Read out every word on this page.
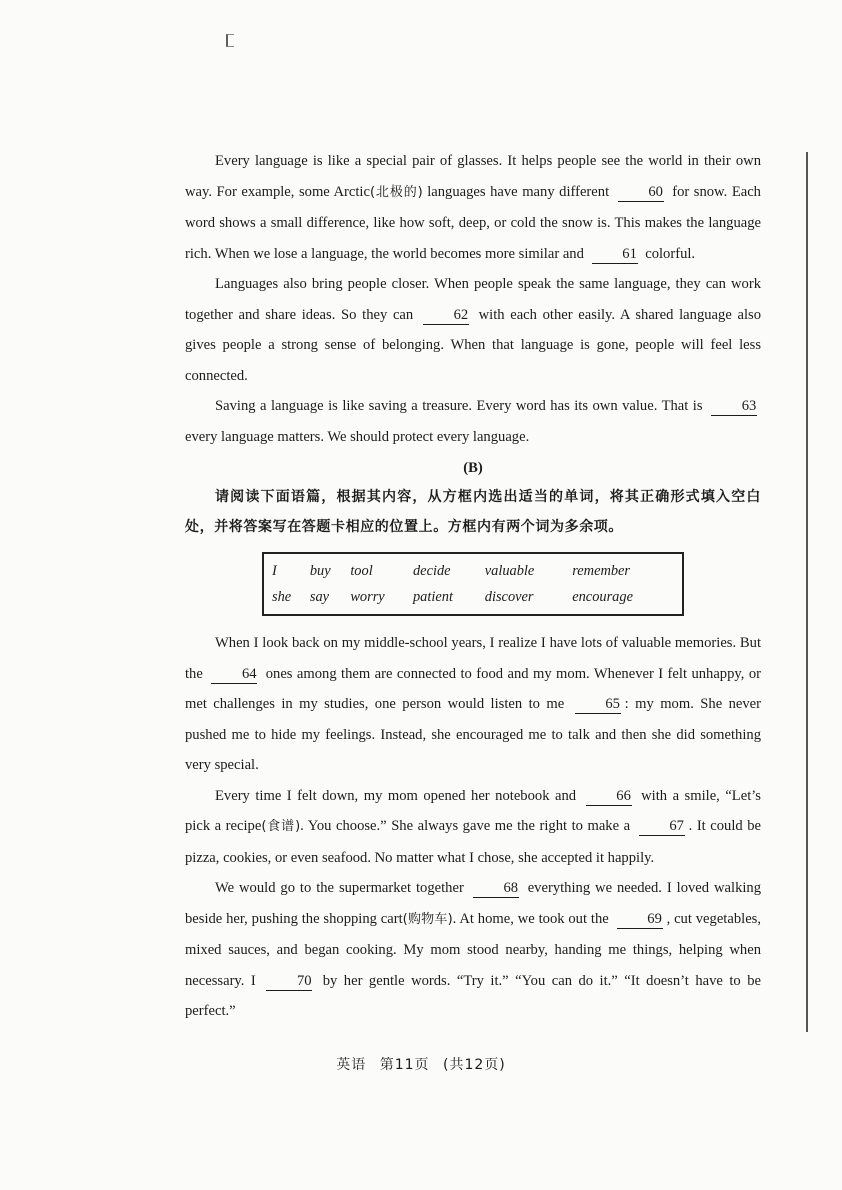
Every language is like a special pair of glasses. It helps people see the world in their own way. For example, some Arctic(北极的) languages have many different	60 for snow. Each word shows a small difference, like how soft, deep, or cold the snow is. This makes the language rich. When we lose a language, the world becomes more similar and	61 colorful.

Languages also bring people closer. When people speak the same language, they can work together and share ideas. So they can	62 with each other easily. A shared language also gives people a strong sense of belonging. When that language is gone, people will feel less connected.

Saving a language is like saving a treasure. Every word has its own value. That is	63 every language matters. We should protect every language.

(B)
请阅读下面语篇，根据其内容，从方框内选出适当的单词，将其正确形式填入空白处，并将答案写在答题卡相应的位置上。方框内有两个词为多余项。
I	buy	tool	decide	valuable	remember
she	say	worry	patient	discover	encourage

When I look back on my middle-school years, I realize I have lots of valuable memories. But the	64 ones among them are connected to food and my mom. Whenever I felt unhappy, or met challenges in my studies, one person would listen to me	65 : my mom. She never pushed me to hide my feelings. Instead, she encouraged me to talk and then she did something very special.

Every time I felt down, my mom opened her notebook and	66 with a smile, “Let’s pick a recipe(食谱). You choose.” She always gave me the right to make a	67 . It could be pizza, cookies, or even seafood. No matter what I chose, she accepted it happily.

We would go to the supermarket together	68 everything we needed. I loved walking beside her, pushing the shopping cart(购物车). At home, we took out the	69 , cut vegetables, mixed sauces, and began cooking. My mom stood nearby, handing me things, helping when necessary. I	70 by her gentle words. “Try it.” “You can do it.” “It doesn’t have to be perfect.”

英语 第11页 (共12页)
